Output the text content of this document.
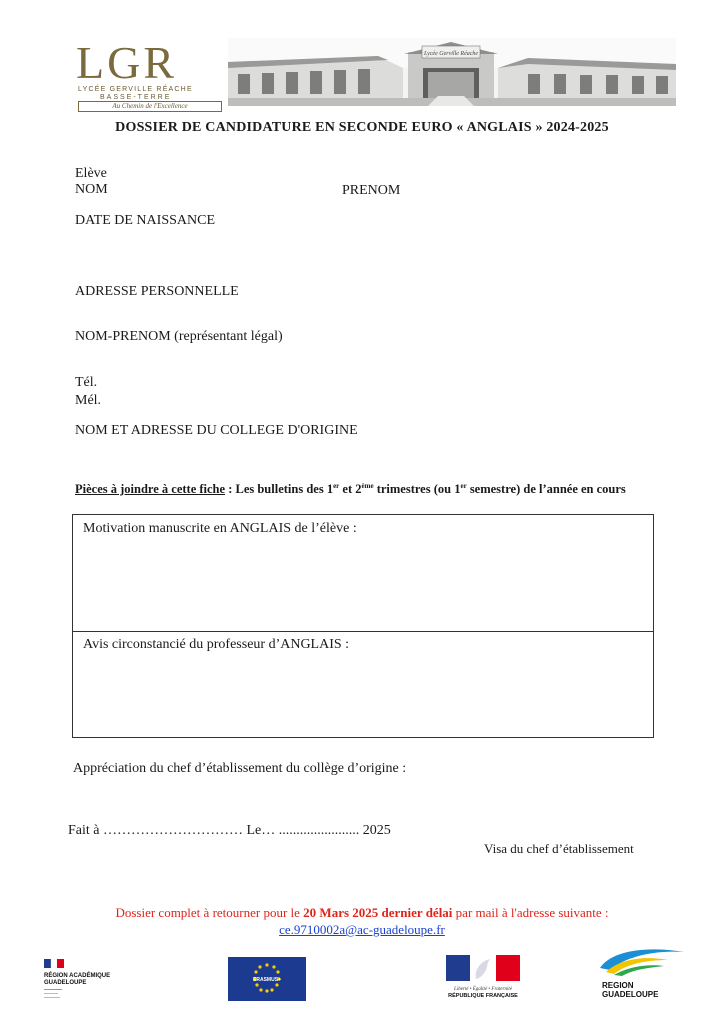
LGR
LYCÉE GERVILLE RÉACHE
BASSE-TERRE
Au Chemin de l'Excellence
Lycée Gerville Réache
DOSSIER DE CANDIDATURE EN SECONDE EURO « ANGLAIS » 2024-2025
Elève
NOM	PRENOM
DATE DE NAISSANCE
ADRESSE PERSONNELLE
NOM-PRENOM (représentant légal)
Tél.
Mél.
NOM ET ADRESSE DU COLLEGE D'ORIGINE
Pièces à joindre à cette fiche : Les bulletins des 1er et 2ème trimestres (ou 1er semestre) de l’année en cours
Motivation manuscrite en ANGLAIS de l’élève :
Avis circonstancié du professeur d’ANGLAIS :
Appréciation du chef d’établissement du collège d’origine :
Fait à ………………………… Le… ....................... 2025
Visa du chef d’établissement
Dossier complet à retourner pour le 20 Mars 2025 dernier délai par mail à l'adresse suivante :
ce.9710002a@ac-guadeloupe.fr
RÉGION ACADÉMIQUE
GUADELOUPE	ERASMUS+
Liberté • Égalité • Fraternité
RÉPUBLIQUE FRANÇAISE
REGION
GUADELOUPE
